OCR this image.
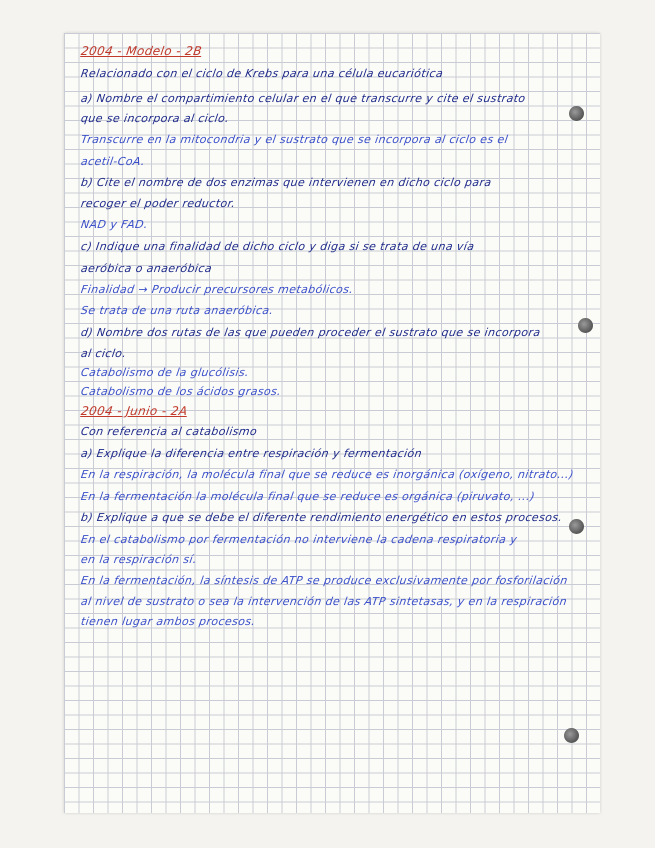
2004 - Modelo - 2B
Relacionado con el ciclo de Krebs para una célula eucariótica
a) Nombre el compartimiento celular en el que transcurre y cite el sustrato
que se incorpora al ciclo.
Transcurre en la mitocondria y el sustrato que se incorpora al ciclo es el
acetil-CoA.
b) Cite el nombre de dos enzimas que intervienen en dicho ciclo para
recoger el poder reductor.
NAD y FAD.
c) Indique una finalidad de dicho ciclo y diga si se trata de una vía
aeróbica o anaeróbica
Finalidad → Producir precursores metabólicos.
Se trata de una ruta anaeróbica.
d) Nombre dos rutas de las que pueden proceder el sustrato que se incorpora
al ciclo.
Catabolismo de la glucólisis.
Catabolismo de los ácidos grasos.
2004 - Junio - 2A
Con referencia al catabolismo
a) Explique la diferencia entre respiración y fermentación
En la respiración, la molécula final que se reduce es inorgánica (oxígeno, nitrato...)
En la fermentación la molécula final que se reduce es orgánica (piruvato, ...)
b) Explique a que se debe el diferente rendimiento energético en estos procesos.
En el catabolismo por fermentación no interviene la cadena respiratoria y
en la respiración sí.
En la fermentación, la síntesis de ATP se produce exclusivamente por fosforilación
al nivel de sustrato o sea la intervención de las ATP sintetasas, y en la respiración
tienen lugar ambos procesos.
